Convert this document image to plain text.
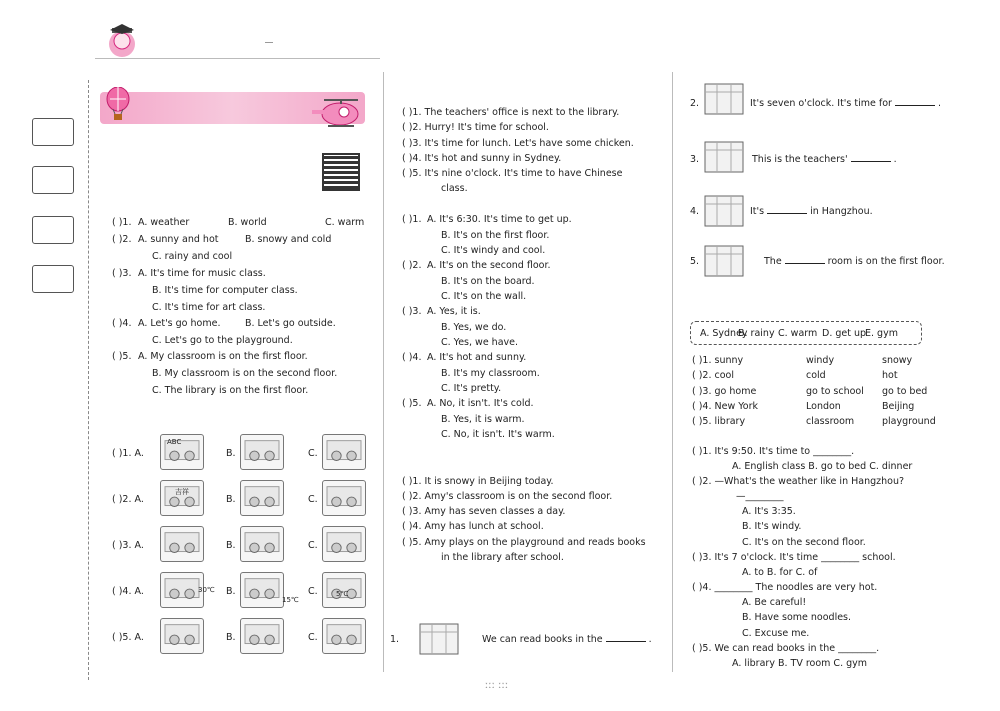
ːːː ːːː
( )1. A. weather	B. world	C. warm
( )2. A. sunny and hot	B. snowy and cold
C. rainy and cool
( )3. A. It's time for music class.
B. It's time for computer class.
C. It's time for art class.
( )4. A. Let's go home.	B. Let's go outside.
C. Let's go to the playground.
( )5. A. My classroom is on the first floor.
B. My classroom is on the second floor.
C. The library is on the first floor.
( )1. A.	B.	C.
( )2. A.	B.	C.
( )3. A.	B.	C.
( )4. A.	B.	C.
( )5. A.	B.	C.
ABC
吉祥
30℃
15℃
5℃
( )1. The teachers' office is next to the library.
( )2. Hurry! It's time for school.
( )3. It's time for lunch. Let's have some chicken.
( )4. It's hot and sunny in Sydney.
( )5. It's nine o'clock. It's time to have Chinese
class.
( )1. A. It's 6:30. It's time to get up.
B. It's on the first floor.
C. It's windy and cool.
( )2. A. It's on the second floor.
B. It's on the board.
C. It's on the wall.
( )3. A. Yes, it is.
B. Yes, we do.
C. Yes, we have.
( )4. A. It's hot and sunny.
B. It's my classroom.
C. It's pretty.
( )5. A. No, it isn't. It's cold.
B. Yes, it is warm.
C. No, it isn't. It's warm.
( )1. It is snowy in Beijing today.
( )2. Amy's classroom is on the second floor.
( )3. Amy has seven classes a day.
( )4. Amy has lunch at school.
( )5. Amy plays on the playground and reads books
in the library after school.
1.	We can read books in the	.
2.	It's seven o'clock. It's time for	.
3.	This is the teachers'	.
4.	It's	in Hangzhou.
5.	The	room is on the first floor.
A. Sydney
B. rainy C. warm D. get up
E. gym
( )1. sunny	windy	snowy
( )2. cool	cold	hot
( )3. go home	go to school go to bed
( )4. New York	London	Beijing
( )5. library	classroom	playground
( )1. It's 9:50. It's time to ________.
A. English class B. go to bed C. dinner
( )2. —What's the weather like in Hangzhou?
—________
A. It's 3:35.
B. It's windy.
C. It's on the second floor.
( )3. It's 7 o'clock. It's time ________ school.
A. to B. for C. of
( )4. ________ The noodles are very hot.
A. Be careful!
B. Have some noodles.
C. Excuse me.
( )5. We can read books in the ________.
A. library B. TV room C. gym
